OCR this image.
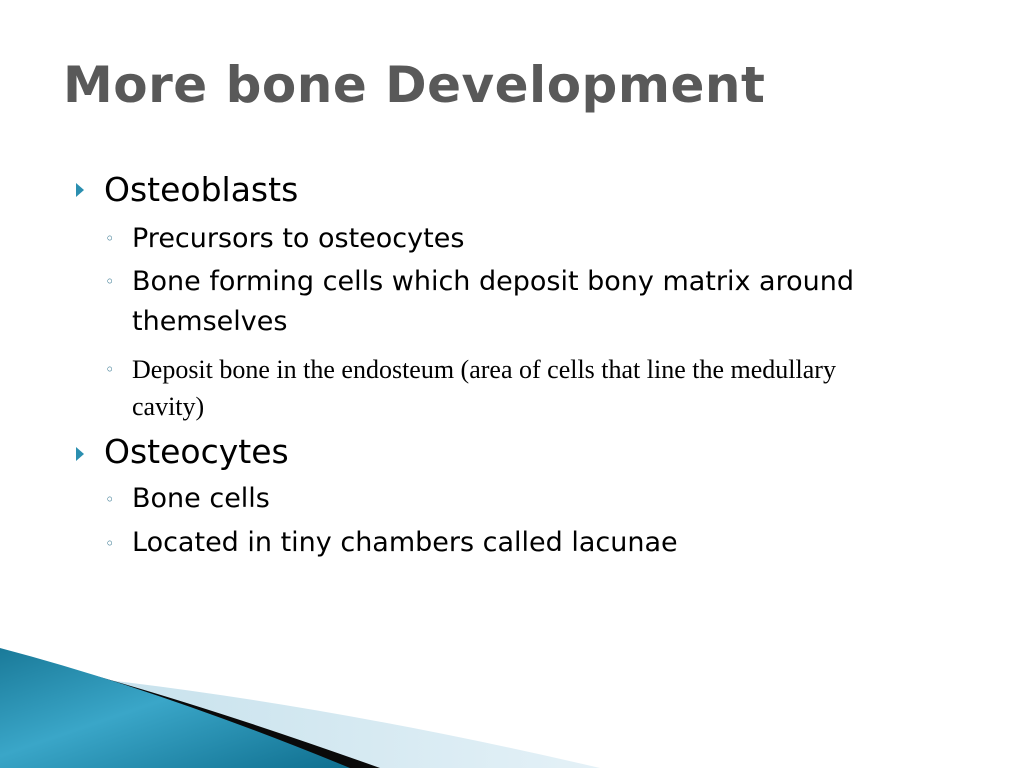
More bone Development
Osteoblasts
◦ Precursors to osteocytes
◦ Bone forming cells which deposit bony matrix around themselves
◦ Deposit bone in the endosteum (area of cells that line the medullary cavity)
Osteocytes
◦ Bone cells
◦ Located in tiny chambers called lacunae
